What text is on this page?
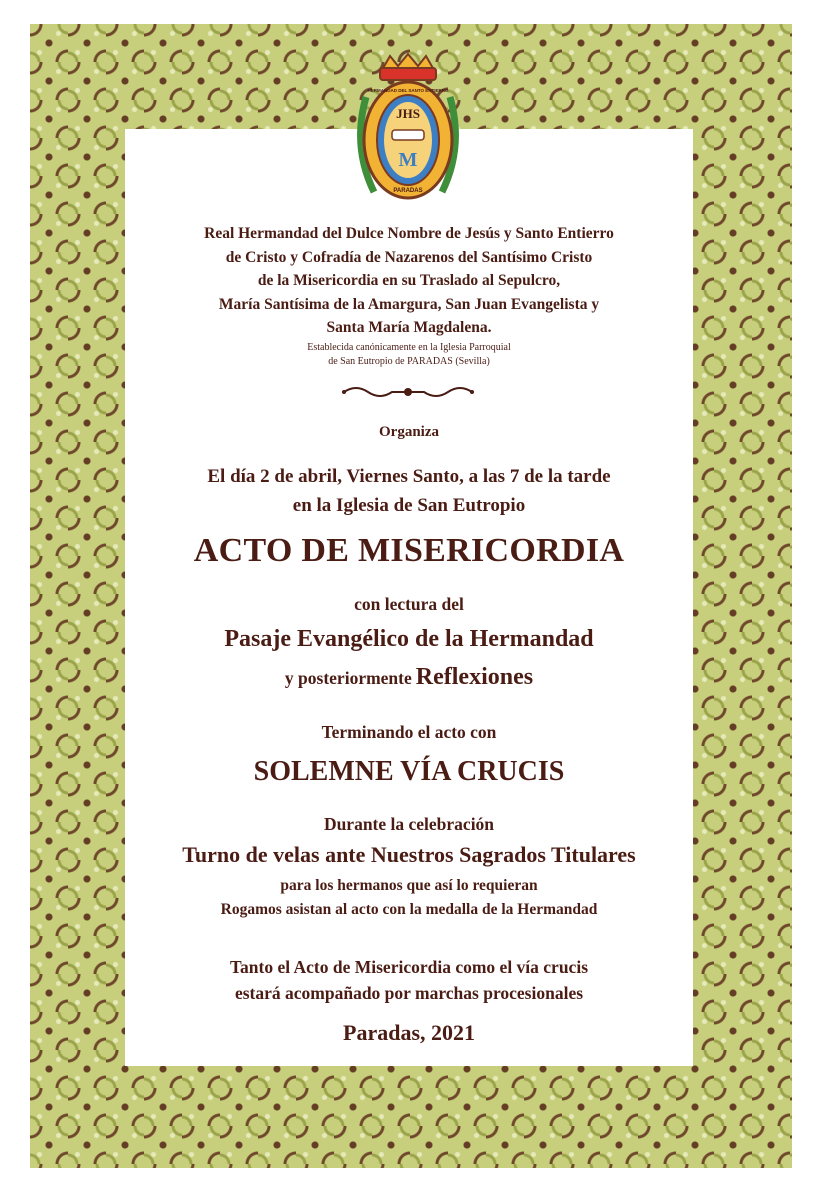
JHS
M
HERMANDAD DEL SANTO ENTIERRO
PARADAS
Real Hermandad del Dulce Nombre de Jesús y Santo Entierro
de Cristo y Cofradía de Nazarenos del Santísimo Cristo
de la Misericordia en su Traslado al Sepulcro,
María Santísima de la Amargura, San Juan Evangelista y
Santa María Magdalena.
Establecida canónicamente en la Iglesia Parroquial
de San Eutropio de PARADAS (Sevilla)
Organiza
El día 2 de abril, Viernes Santo, a las 7 de la tarde
en la Iglesia de San Eutropio
ACTO DE MISERICORDIA
con lectura del
Pasaje Evangélico de la Hermandad
y posteriormente Reflexiones
Terminando el acto con
SOLEMNE VÍA CRUCIS
Durante la celebración
Turno de velas ante Nuestros Sagrados Titulares
para los hermanos que así lo requieran
Rogamos asistan al acto con la medalla de la Hermandad
Tanto el Acto de Misericordia como el vía crucis
estará acompañado por marchas procesionales
Paradas, 2021
